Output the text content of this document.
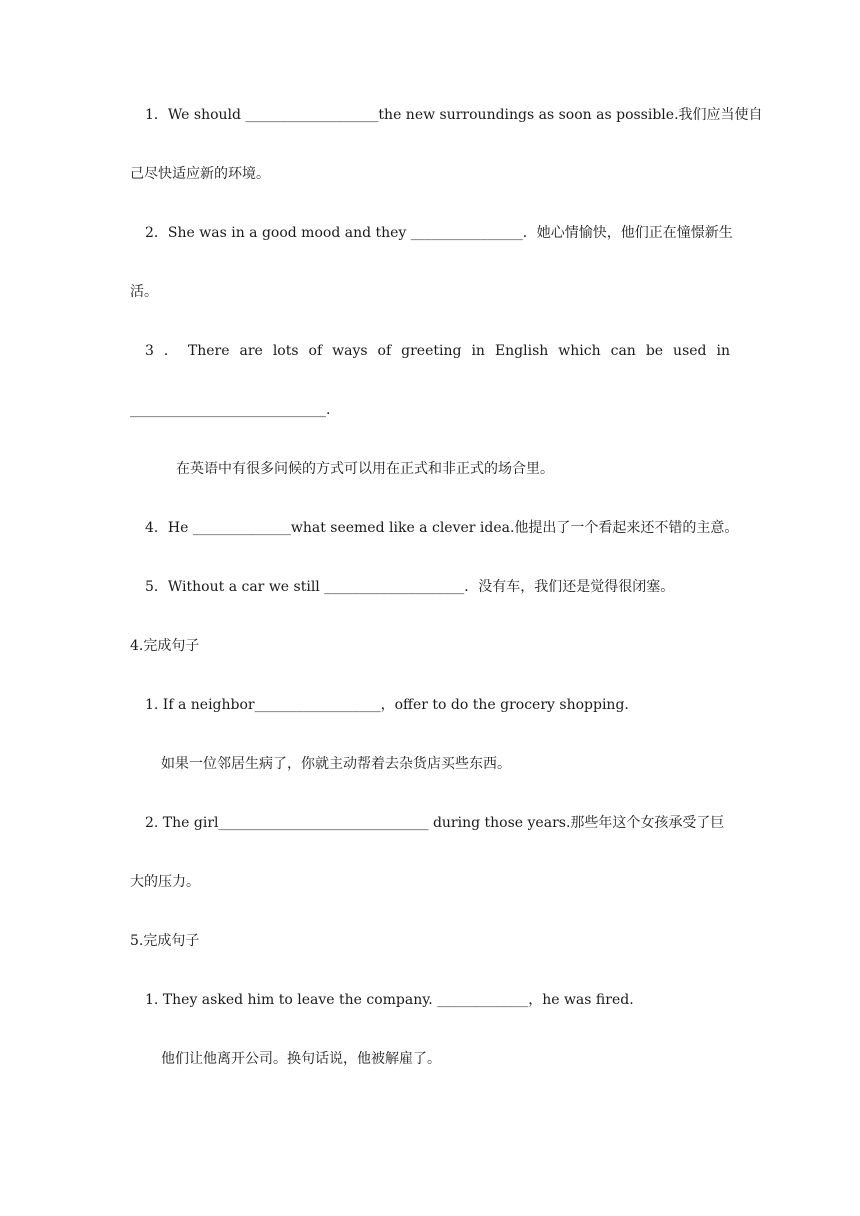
1．We should ___________________the new surroundings as soon as possible.我们应当使自
己尽快适应新的环境。
2．She was in a good mood and they ________________．她心情愉快，他们正在憧憬新生
活。
3 ． There are lots of ways of greeting in English which can be used in
____________________________.
在英语中有很多问候的方式可以用在正式和非正式的场合里。
4．He ______________what seemed like a clever idea.他提出了一个看起来还不错的主意。
5．Without a car we still ____________________．没有车，我们还是觉得很闭塞。
4.完成句子
1. If a neighbor__________________，offer to do the grocery shopping.
如果一位邻居生病了，你就主动帮着去杂货店买些东西。
2. The girl______________________________ during those years.那些年这个女孩承受了巨
大的压力。
5.完成句子
1. They asked him to leave the company. _____________，he was fired.
他们让他离开公司。换句话说，他被解雇了。
